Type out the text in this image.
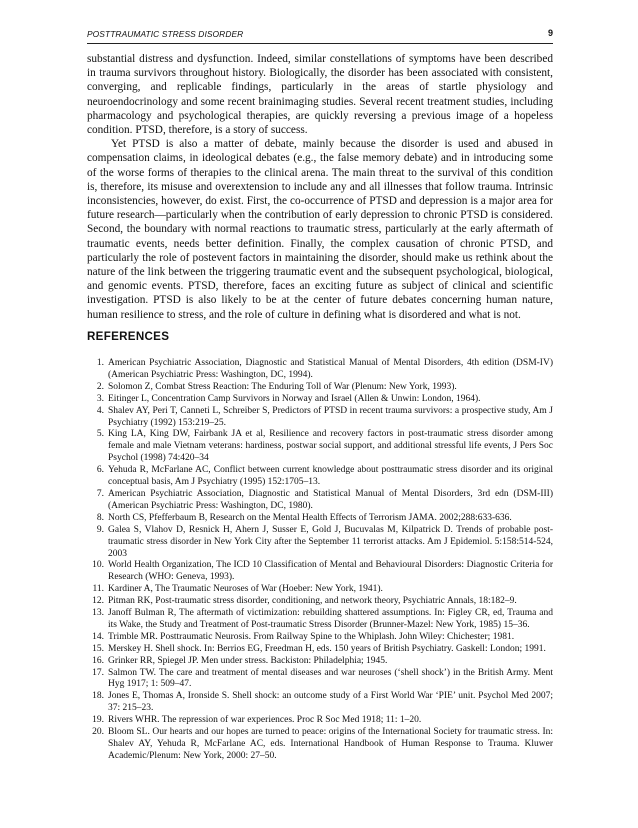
POSTTRAUMATIC STRESS DISORDER	9

substantial distress and dysfunction. Indeed, similar constellations of symptoms have been described in trauma survivors throughout history. Biologically, the disorder has been associated with consistent, converging, and replicable findings, particularly in the areas of startle physiology and neuroendocrinology and some recent brainimaging studies. Several recent treatment studies, including pharmacology and psychological therapies, are quickly reversing a previous image of a hopeless condition. PTSD, therefore, is a story of success.

Yet PTSD is also a matter of debate, mainly because the disorder is used and abused in compensation claims, in ideological debates (e.g., the false memory debate) and in introducing some of the worse forms of therapies to the clinical arena. The main threat to the survival of this condition is, therefore, its misuse and overextension to include any and all illnesses that follow trauma. Intrinsic inconsistencies, however, do exist. First, the co-occurrence of PTSD and depression is a major area for future research—particularly when the contribution of early depression to chronic PTSD is considered. Second, the boundary with normal reactions to traumatic stress, particularly at the early aftermath of traumatic events, needs better definition. Finally, the complex causation of chronic PTSD, and particularly the role of postevent factors in maintaining the disorder, should make us rethink about the nature of the link between the triggering traumatic event and the subsequent psychological, biological, and genomic events. PTSD, therefore, faces an exciting future as subject of clinical and scientific investigation. PTSD is also likely to be at the center of future debates concerning human nature, human resilience to stress, and the role of culture in defining what is disordered and what is not.

REFERENCES
1. American Psychiatric Association, Diagnostic and Statistical Manual of Mental Disorders, 4th edition (DSM-IV) (American Psychiatric Press: Washington, DC, 1994).
2. Solomon Z, Combat Stress Reaction: The Enduring Toll of War (Plenum: New York, 1993).
3. Eitinger L, Concentration Camp Survivors in Norway and Israel (Allen & Unwin: London, 1964).
4. Shalev AY, Peri T, Canneti L, Schreiber S, Predictors of PTSD in recent trauma survivors: a prospective study, Am J Psychiatry (1992) 153:219–25.
5. King LA, King DW, Fairbank JA et al, Resilience and recovery factors in post-traumatic stress disorder among female and male Vietnam veterans: hardiness, postwar social support, and additional stressful life events, J Pers Soc Psychol (1998) 74:420–34
6. Yehuda R, McFarlane AC, Conflict between current knowledge about posttraumatic stress disorder and its original conceptual basis, Am J Psychiatry (1995) 152:1705–13.
7. American Psychiatric Association, Diagnostic and Statistical Manual of Mental Disorders, 3rd edn (DSM-III) (American Psychiatric Press: Washington, DC, 1980).
8. North CS, Pfefferbaum B, Research on the Mental Health Effects of Terrorism JAMA. 2002;288:633-636.
9. Galea S, Vlahov D, Resnick H, Ahern J, Susser E, Gold J, Bucuvalas M, Kilpatrick D. Trends of probable post-traumatic stress disorder in New York City after the September 11 terrorist attacks. Am J Epidemiol. 5:158:514-524, 2003
10. World Health Organization, The ICD 10 Classification of Mental and Behavioural Disorders: Diagnostic Criteria for Research (WHO: Geneva, 1993).
11. Kardiner A, The Traumatic Neuroses of War (Hoeber: New York, 1941).
12. Pitman RK, Post-traumatic stress disorder, conditioning, and network theory, Psychiatric Annals, 18:182–9.
13. Janoff Bulman R, The aftermath of victimization: rebuilding shattered assumptions. In: Figley CR, ed, Trauma and its Wake, the Study and Treatment of Post-traumatic Stress Disorder (Brunner-Mazel: New York, 1985) 15–36.
14. Trimble MR. Posttraumatic Neurosis. From Railway Spine to the Whiplash. John Wiley: Chichester; 1981.
15. Merskey H. Shell shock. In: Berrios EG, Freedman H, eds. 150 years of British Psychiatry. Gaskell: London; 1991.
16. Grinker RR, Spiegel JP. Men under stress. Backiston: Philadelphia; 1945.
17. Salmon TW. The care and treatment of mental diseases and war neuroses (‘shell shock’) in the British Army. Ment Hyg 1917; 1: 509–47.
18. Jones E, Thomas A, Ironside S. Shell shock: an outcome study of a First World War ‘PIE’ unit. Psychol Med 2007; 37: 215–23.
19. Rivers WHR. The repression of war experiences. Proc R Soc Med 1918; 11: 1–20.
20. Bloom SL. Our hearts and our hopes are turned to peace: origins of the International Society for traumatic stress. In: Shalev AY, Yehuda R, McFarlane AC, eds. International Handbook of Human Response to Trauma. Kluwer Academic/Plenum: New York, 2000: 27–50.
